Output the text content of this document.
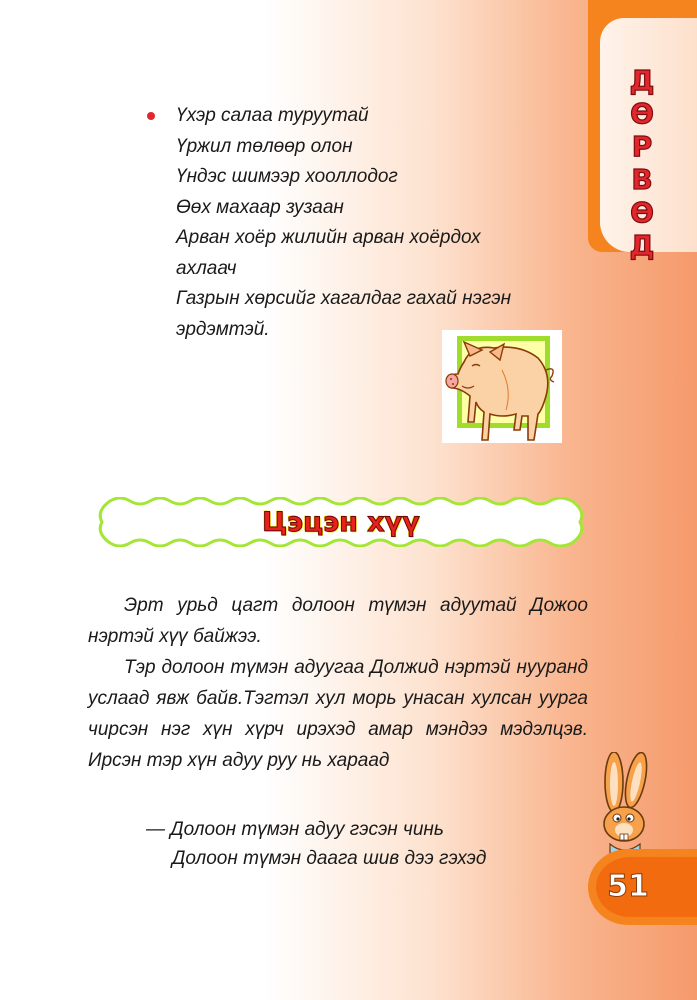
Д
Ө
Р
В
Ө
Д
Үхэр салаа туруутай
Үржил төлөөр олон
Үндэс шимээр хооллодог
Өөх махаар зузаан
Арван хоёр жилийн арван хоёрдох
ахлаач
Газрын хөрсийг хагалдаг гахай нэгэн
эрдэмтэй.
Цэцэн хүү

Эрт урьд цагт долоон түмэн адуутай Дожоо нэртэй хүү байжээ.

Тэр долоон түмэн адуугаа Должид нэртэй нууранд услаад явж байв.Тэгтэл хул морь унасан хулсан уурга чирсэн нэг хүн хүрч ирэхэд амар мэндээ мэдэлцэв. Ирсэн тэр хүн адуу руу нь хараад

— Долоон түмэн адуу гэсэн чинь
Долоон түмэн даага шив дээ гэхэд
51
